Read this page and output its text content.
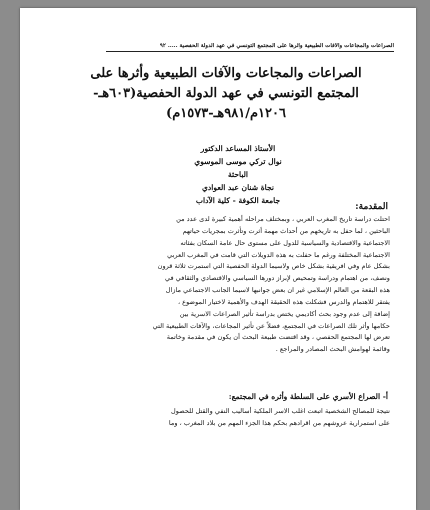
الصراعات والمجاعات والآفات الطبيعية وأثرها على المجتمع التونسي في عهد الدولة الحفصية ..... ٩٢
الصراعات والمجاعات والآفات الطبيعية وأثرها على
المجتمع التونسي في عهد الدولة الحفصية(٦٠٣هـ-
١٢٠٦م/٩٨١هـ-١٥٧٣م)
الأستاذ المساعد الدكتور
نوال تركي موسى الموسوي
الباحثة
نجاة شنان عبد العوادي
جامعة الكوفة - كلية الآداب
المقدمة:
احتلت دراسة تاريخ المغرب العربي ، وبمختلف مراحله أهمية كبيرة لدى عدد من
الباحثين ، لما حفل به تاريخهم من أحداث مهمة أثرت وتأثرت بمجريات حياتهم
الاجتماعية والاقتصادية والسياسية للدول على مستوى حال عامة السكان بفئاته
الاجتماعية المختلفة ورغم ما حفلت به هذه الدويلات التي قامت في المغرب العربي
بشكل عام وفي افريقية بشكل خاص ولاسيما الدولة الحفصية التي استمرت ثلاثة قرون
ونصف، من اهتمام ودراسة وتمحيص لإبراز دورها السياسي والاقتصادي والثقافي في
هذه البقعة من العالم الإسلامي غير ان بعض جوانبها لاسيما الجانب الاجتماعي مازال
يفتقر للاهتمام والدرس فشكلت هذه الحقيقة الهدف والأهمية لاختيار الموضوع ،
إضافة إلى عدم وجود بحث أكاديمي يختص بدراسة تأثير الصراعات الاسرية بين
حكامها وأثر تلك الصراعات في المجتمع، فضلاً عن تأثير المجاعات، والآفات الطبيعية التي
تعرض لها المجتمع الحفصي ، وقد اقتضت طبيعة البحث أن يكون في مقدمة وخاتمة
وقائمة لهوامش البحث المصادر والمراجع .
أ- الصراع الأسري على السلطة وأثره في المجتمع:
نتيجة للمصالح الشخصية اتبعت اغلب الاسر الملكية أساليب النفي والقتل للحصول
على استمرارية عروشهم من اقرادهم بحكم هذا الجزء المهم من بلاد المغرب ، وما
